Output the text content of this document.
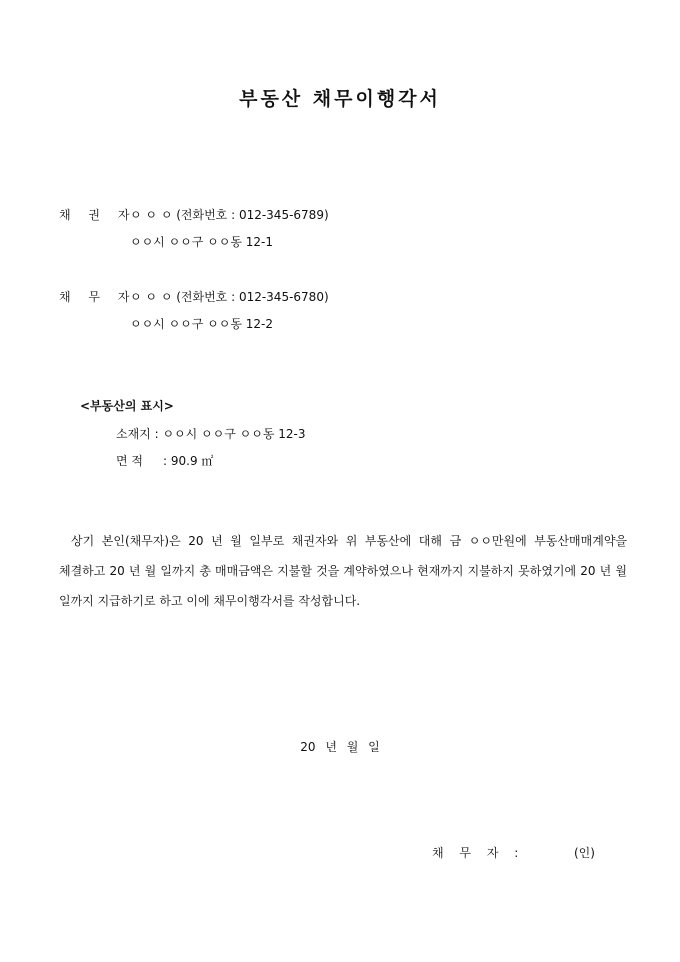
부동산 채무이행각서
채 권 자
ㅇ ㅇ ㅇ (전화번호 : 012-345-6789)
ㅇㅇ시 ㅇㅇ구 ㅇㅇ동 12-1
채 무 자
ㅇ ㅇ ㅇ (전화번호 : 012-345-6780)
ㅇㅇ시 ㅇㅇ구 ㅇㅇ동 12-2
<부동산의 표시>
소재지 : ㅇㅇ시 ㅇㅇ구 ㅇㅇ동 12-3
면 적 : 90.9 ㎡
상기 본인(채무자)은 20 년 월 일부로 채권자와 위 부동산에 대해 금 ㅇㅇ만원에 부동산매매계약을 체결하고 20 년 월 일까지 총 매매금액은 지불할 것을 계약하였으나 현재까지 지불하지 못하였기에 20 년 월 일까지 지급하기로 하고 이에 채무이행각서를 작성합니다.
20 년 월 일
채 무 자 :	(인)
